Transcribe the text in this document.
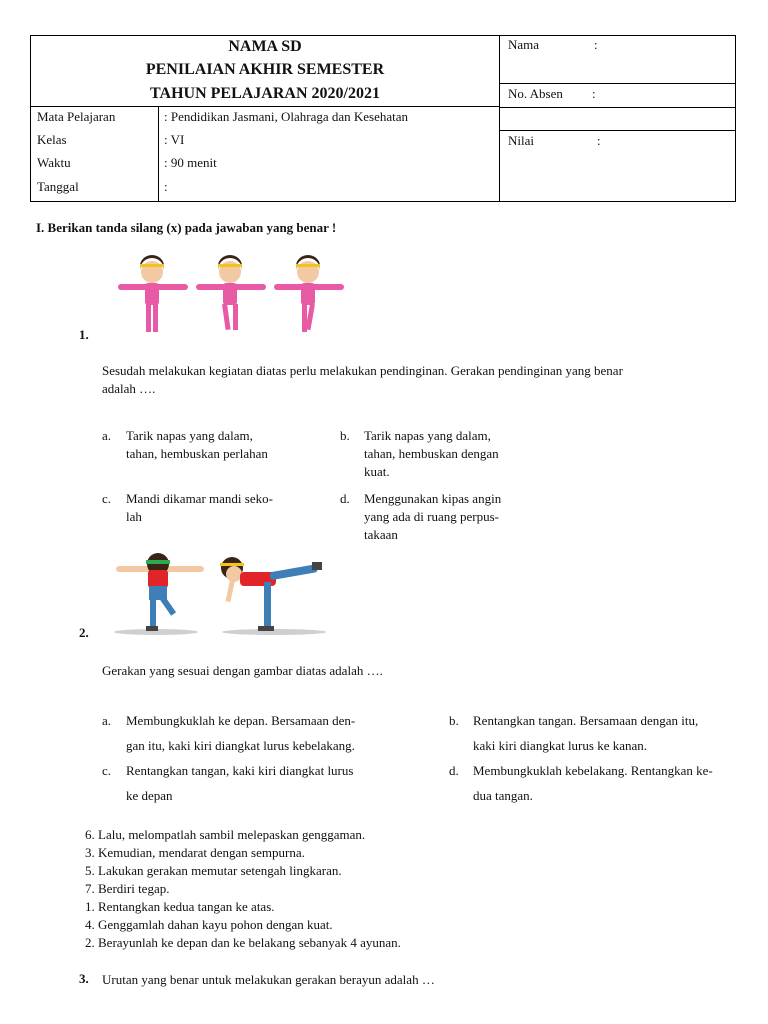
NAMA SD
PENILAIAN AKHIR SEMESTER
TAHUN PELAJARAN 2020/2021
Nama	:
No. Absen :
Nilai	:
Mata Pelajaran	: Pendidikan Jasmani, Olahraga dan Kesehatan
Kelas	: VI
Waktu	: 90 menit
Tanggal	:
I. Berikan tanda silang (x) pada jawaban yang benar !
1.
Sesudah melakukan kegiatan diatas perlu melakukan pendinginan. Gerakan pendinginan yang benar
adalah ….
a. Tarik napas yang dalam,
tahan, hembuskan perlahan
b. Tarik napas yang dalam,
tahan, hembuskan dengan
kuat.
c. Mandi dikamar mandi seko-
lah
d. Menggunakan kipas angin
yang ada di ruang perpus-
takaan
2.
Gerakan yang sesuai dengan gambar diatas adalah ….
a. Membungkuklah ke depan. Bersamaan den-
gan itu, kaki kiri diangkat lurus kebelakang.
b. Rentangkan tangan. Bersamaan dengan itu,
kaki kiri diangkat lurus ke kanan.
c. Rentangkan tangan, kaki kiri diangkat lurus
ke depan
d. Membungkuklah kebelakang. Rentangkan ke-
dua tangan.
6. Lalu, melompatlah sambil melepaskan genggaman.
3. Kemudian, mendarat dengan sempurna.
5. Lakukan gerakan memutar setengah lingkaran.
7. Berdiri tegap.
1. Rentangkan kedua tangan ke atas.
4. Genggamlah dahan kayu pohon dengan kuat.
2. Berayunlah ke depan dan ke belakang sebanyak 4 ayunan.
3. Urutan yang benar untuk melakukan gerakan berayun adalah …
